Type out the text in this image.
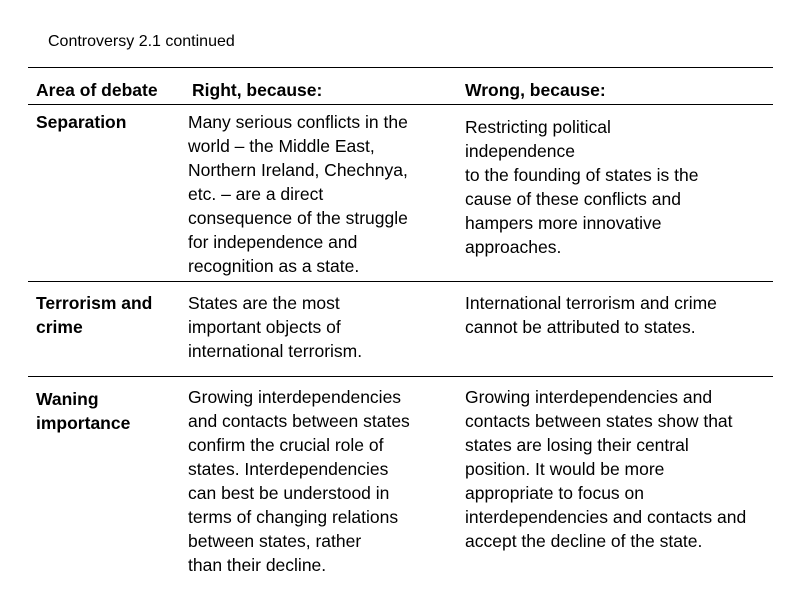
Controversy 2.1 continued
Area of debate Right, because:	Wrong, because:
Separation	Many serious conflicts in the
world – the Middle East,
Northern Ireland, Chechnya,
etc. – are a direct
consequence of the struggle
for independence and
recognition as a state.
Restricting political
independence
to the founding of states is the
cause of these conflicts and
hampers more innovative
approaches.
Terrorism and
crime
States are the most
important objects of
international terrorism.
International terrorism and crime
cannot be attributed to states.
Waning
importance
Growing interdependencies
and contacts between states
confirm the crucial role of
states. Interdependencies
can best be understood in
terms of changing relations
between states, rather
than their decline.
Growing interdependencies and
contacts between states show that
states are losing their central
position. It would be more
appropriate to focus on
interdependencies and contacts and
accept the decline of the state.
